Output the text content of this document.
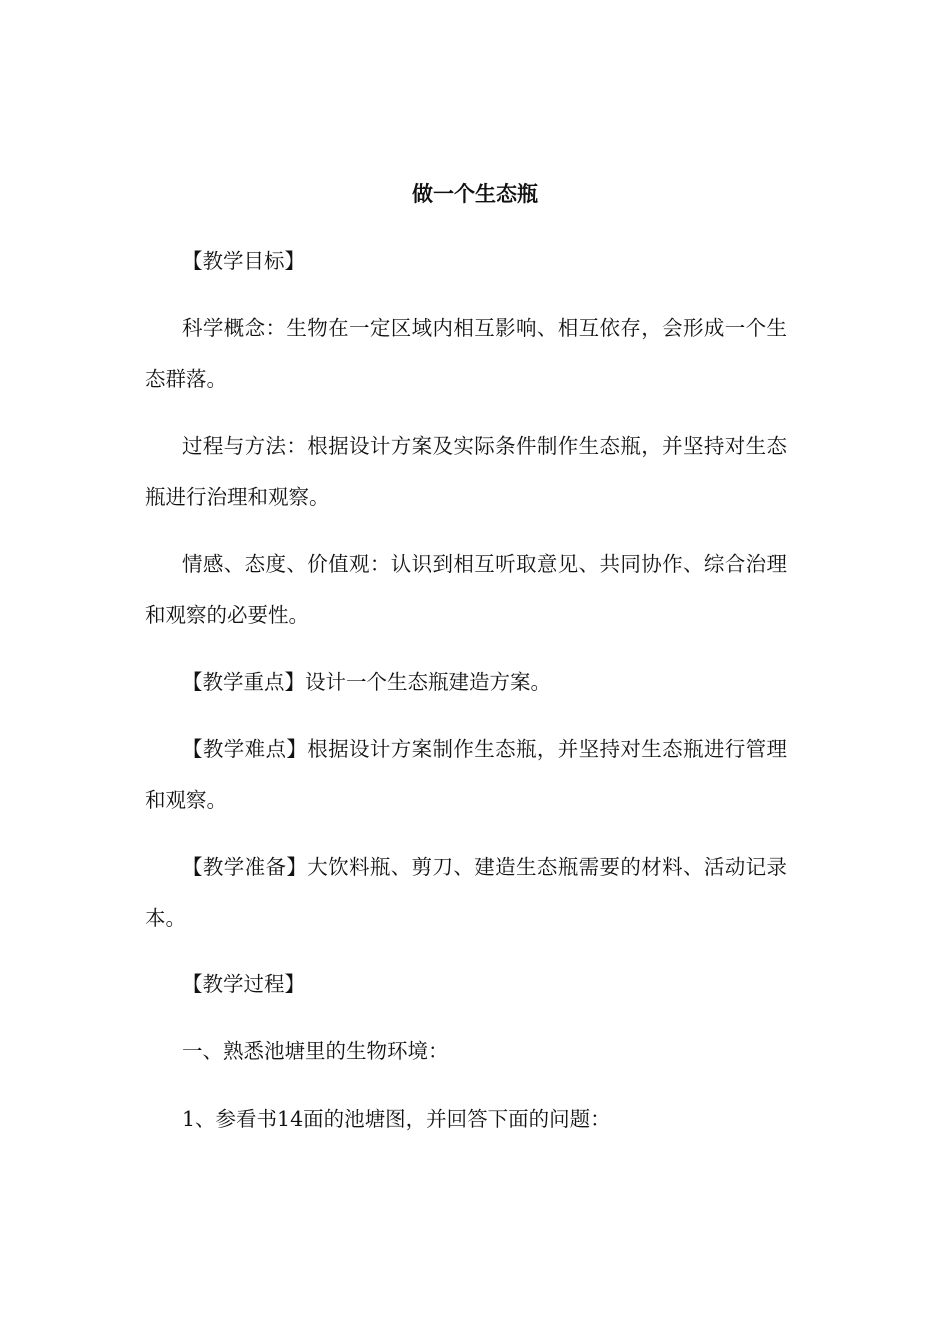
做一个生态瓶

【教学目标】

科学概念：生物在一定区域内相互影响、相互依存，会形成一个生态群落。

过程与方法：根据设计方案及实际条件制作生态瓶，并坚持对生态瓶进行治理和观察。

情感、态度、价值观：认识到相互听取意见、共同协作、综合治理和观察的必要性。

【教学重点】设计一个生态瓶建造方案。

【教学难点】根据设计方案制作生态瓶，并坚持对生态瓶进行管理和观察。

【教学准备】大饮料瓶、剪刀、建造生态瓶需要的材料、活动记录本。

【教学过程】

一、熟悉池塘里的生物环境：

1、参看书14面的池塘图，并回答下面的问题：
